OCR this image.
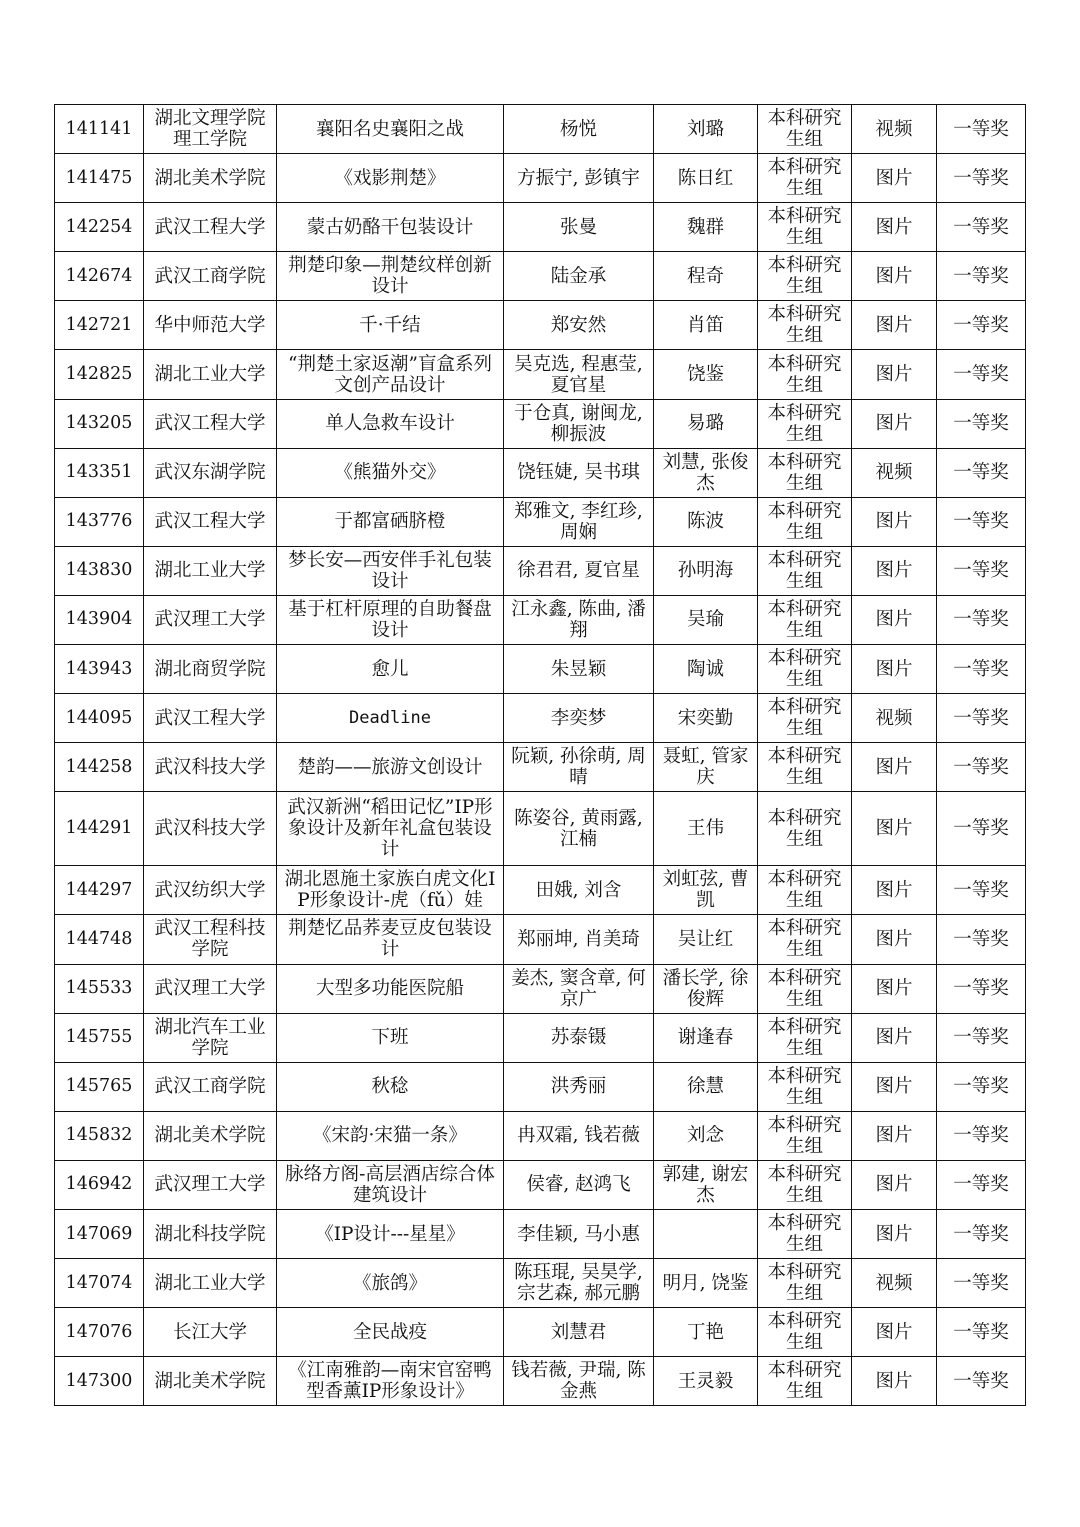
141141	湖北文理学院理工学院	襄阳名史襄阳之战	杨悦	刘璐	本科研究生组	视频	一等奖
141475	湖北美术学院	《戏影荆楚》	方振宁, 彭镇宇	陈日红	本科研究生组	图片	一等奖
142254	武汉工程大学	蒙古奶酪干包装设计	张曼	魏群	本科研究生组	图片	一等奖
142674	武汉工商学院	荆楚印象—荆楚纹样创新设计	陆金承	程奇	本科研究生组	图片	一等奖
142721	华中师范大学	千·千结	郑安然	肖笛	本科研究生组	图片	一等奖
142825	湖北工业大学	“荆楚土家返潮”盲盒系列文创产品设计	吴克选, 程惠莹, 夏官星	饶鉴	本科研究生组	图片	一等奖
143205	武汉工程大学	单人急救车设计	于仓真, 谢闽龙, 柳振波	易璐	本科研究生组	图片	一等奖
143351	武汉东湖学院	《熊猫外交》	饶钰婕, 吴书琪	刘慧, 张俊杰	本科研究生组	视频	一等奖
143776	武汉工程大学	于都富硒脐橙	郑雅文, 李红珍, 周娴	陈波	本科研究生组	图片	一等奖
143830	湖北工业大学	梦长安—西安伴手礼包装设计	徐君君, 夏官星	孙明海	本科研究生组	图片	一等奖
143904	武汉理工大学	基于杠杆原理的自助餐盘设计	江永鑫, 陈曲, 潘翔	吴瑜	本科研究生组	图片	一等奖
143943	湖北商贸学院	愈儿	朱昱颖	陶诚	本科研究生组	图片	一等奖
144095	武汉工程大学	Deadline	李奕梦	宋奕勤	本科研究生组	视频	一等奖
144258	武汉科技大学	楚韵——旅游文创设计	阮颖, 孙徐萌, 周晴	聂虹, 管家庆	本科研究生组	图片	一等奖
144291	武汉科技大学	武汉新洲“稻田记忆”IP形象设计及新年礼盒包装设计	陈姿谷, 黄雨露, 江楠	王伟	本科研究生组	图片	一等奖
144297	武汉纺织大学	湖北恩施土家族白虎文化IP形象设计-虎（fǔ）娃	田娥, 刘含	刘虹弦, 曹凯	本科研究生组	图片	一等奖
144748	武汉工程科技学院	荆楚忆品荞麦豆皮包装设计	郑丽坤, 肖美琦	吴让红	本科研究生组	图片	一等奖
145533	武汉理工大学	大型多功能医院船	姜杰, 窦含章, 何京广	潘长学, 徐俊辉	本科研究生组	图片	一等奖
145755	湖北汽车工业学院	下班	苏泰镊	谢逢春	本科研究生组	图片	一等奖
145765	武汉工商学院	秋稔	洪秀丽	徐慧	本科研究生组	图片	一等奖
145832	湖北美术学院	《宋韵·宋猫一条》	冉双霜, 钱若薇	刘念	本科研究生组	图片	一等奖
146942	武汉理工大学	脉络方阁-高层酒店综合体建筑设计	侯睿, 赵鸿飞	郭建, 谢宏杰	本科研究生组	图片	一等奖
147069	湖北科技学院	《IP设计---星星》	李佳颖, 马小惠		本科研究生组	图片	一等奖
147074	湖北工业大学	《旅鸽》	陈珏琨, 吴昊学, 宗艺森, 郝元鹏	明月, 饶鉴	本科研究生组	视频	一等奖
147076	长江大学	全民战疫	刘慧君	丁艳	本科研究生组	图片	一等奖
147300	湖北美术学院	《江南雅韵—南宋官窑鸭型香薰IP形象设计》	钱若薇, 尹瑞, 陈金燕	王灵毅	本科研究生组	图片	一等奖
